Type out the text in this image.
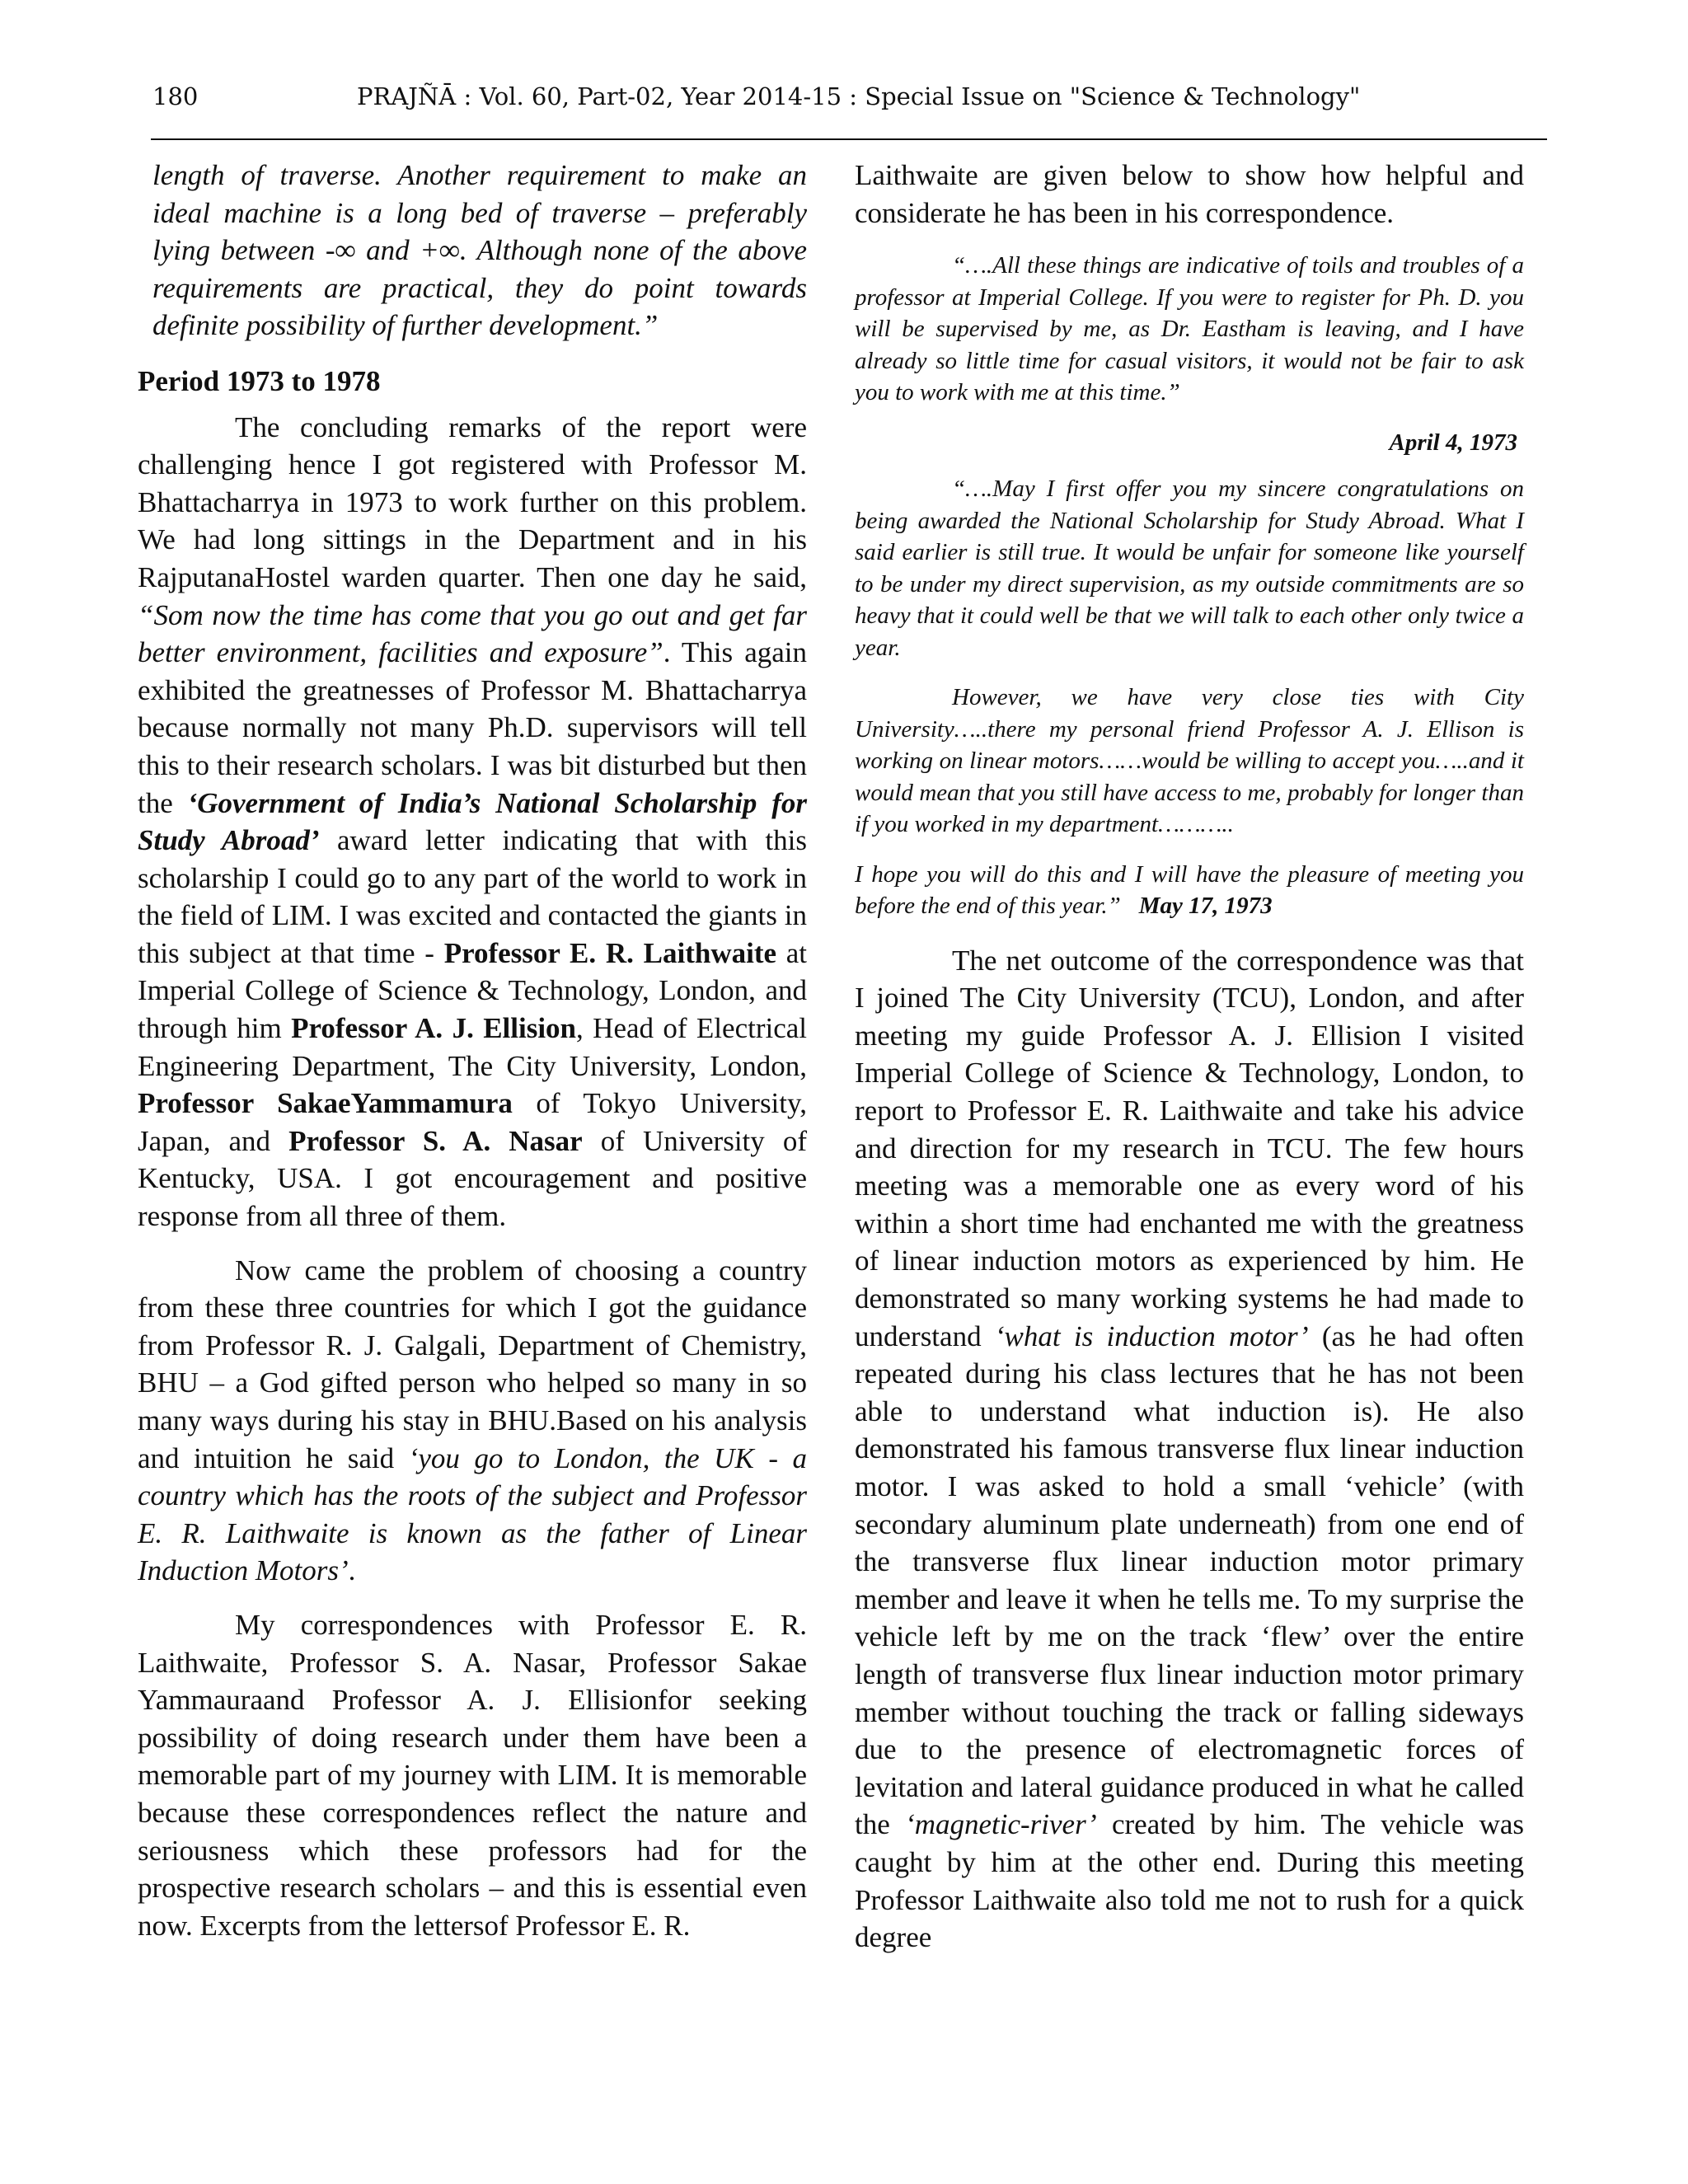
180	PRAJÑĀ : Vol. 60, Part-02, Year 2014-15 : Special Issue on "Science & Technology"

length of traverse. Another requirement to make an ideal machine is a long bed of traverse – preferably lying between -∞ and +∞. Although none of the above requirements are practical, they do point towards definite possibility of further development.”

Period 1973 to 1978

The concluding remarks of the report were challenging hence I got registered with Professor M. Bhattacharrya in 1973 to work further on this problem. We had long sittings in the Department and in his RajputanaHostel warden quarter. Then one day he said, “Som now the time has come that you go out and get far better environment, facilities and exposure”. This again exhibited the greatnesses of Professor M. Bhattacharrya because normally not many Ph.D. supervisors will tell this to their research scholars. I was bit disturbed but then the ‘Government of India’s National Scholarship for Study Abroad’ award letter indicating that with this scholarship I could go to any part of the world to work in the field of LIM. I was excited and contacted the giants in this subject at that time - Professor E. R. Laithwaite at Imperial College of Science & Technology, London, and through him Professor A. J. Ellision, Head of Electrical Engineering Department, The City University, London, Professor SakaeYammamura of Tokyo University, Japan, and Professor S. A. Nasar of University of Kentucky, USA. I got encouragement and positive response from all three of them.

Now came the problem of choosing a country from these three countries for which I got the guidance from Professor R. J. Galgali, Department of Chemistry, BHU – a God gifted person who helped so many in so many ways during his stay in BHU.Based on his analysis and intuition he said ‘you go to London, the UK - a country which has the roots of the subject and Professor E. R. Laithwaite is known as the father of Linear Induction Motors’.

My correspondences with Professor E. R. Laithwaite, Professor S. A. Nasar, Professor Sakae Yammauraand Professor A. J. Ellisionfor seeking possibility of doing research under them have been a memorable part of my journey with LIM. It is memorable because these correspondences reflect the nature and seriousness which these professors had for the prospective research scholars – and this is essential even now. Excerpts from the lettersof Professor E. R.

Laithwaite are given below to show how helpful and considerate he has been in his correspondence.

“….All these things are indicative of toils and troubles of a professor at Imperial College. If you were to register for Ph. D. you will be supervised by me, as Dr. Eastham is leaving, and I have already so little time for casual visitors, it would not be fair to ask you to work with me at this time.”
April 4, 1973
“….May I first offer you my sincere congratulations on being awarded the National Scholarship for Study Abroad. What I said earlier is still true. It would be unfair for someone like yourself to be under my direct supervision, as my outside commitments are so heavy that it could well be that we will talk to each other only twice a year.
However, we have very close ties with City University…..there my personal friend Professor A. J. Ellison is working on linear motors……would be willing to accept you…..and it would mean that you still have access to me, probably for longer than if you worked in my department………..
I hope you will do this and I will have the pleasure of meeting you before the end of this year.” May 17, 1973

The net outcome of the correspondence was that I joined The City University (TCU), London, and after meeting my guide Professor A. J. Ellision I visited Imperial College of Science & Technology, London, to report to Professor E. R. Laithwaite and take his advice and direction for my research in TCU. The few hours meeting was a memorable one as every word of his within a short time had enchanted me with the greatness of linear induction motors as experienced by him. He demonstrated so many working systems he had made to understand ‘what is induction motor’ (as he had often repeated during his class lectures that he has not been able to understand what induction is). He also demonstrated his famous transverse flux linear induction motor. I was asked to hold a small ‘vehicle’ (with secondary aluminum plate underneath) from one end of the transverse flux linear induction motor primary member and leave it when he tells me. To my surprise the vehicle left by me on the track ‘flew’ over the entire length of transverse flux linear induction motor primary member without touching the track or falling sideways due to the presence of electromagnetic forces of levitation and lateral guidance produced in what he called the ‘magnetic-river’ created by him. The vehicle was caught by him at the other end. During this meeting Professor Laithwaite also told me not to rush for a quick degree
